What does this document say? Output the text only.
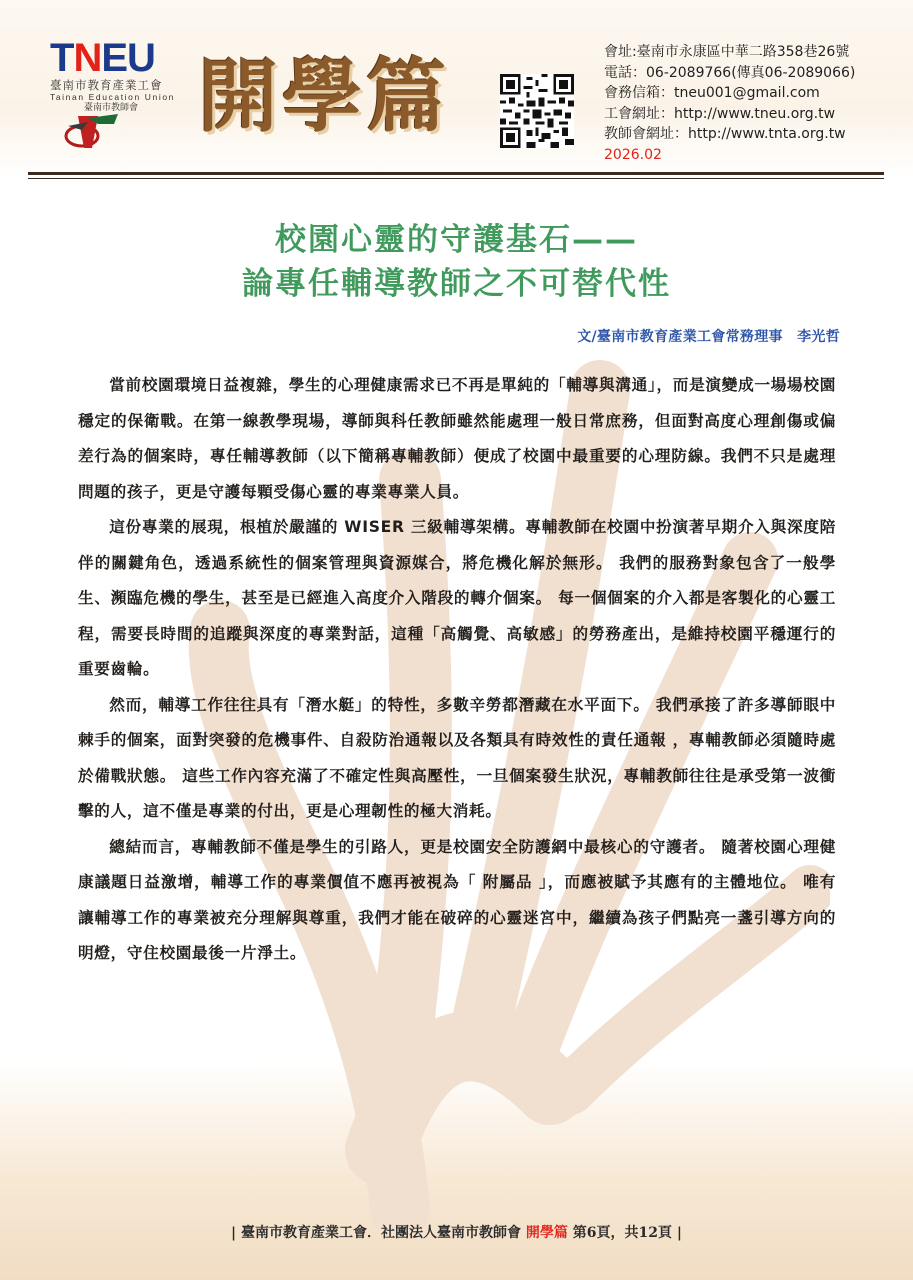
TNEU
臺南市教育產業工會
Tainan Education Union
臺南市教師會 開學篇	會址:臺南市永康區中華二路358巷26號
電話：06-2089766(傳真06-2089066)
會務信箱：tneu001@gmail.com
工會網址：http://www.tneu.org.tw
教師會網址：http://www.tnta.org.tw
2026.02
校園心靈的守護基石——
論專任輔導教師之不可替代性
文/臺南市教育產業工會常務理事　李光哲

當前校園環境日益複雜，學生的心理健康需求已不再是單純的「輔導與溝通」，而是演變成一場場校園穩定的保衛戰。在第一線教學現場，導師與科任教師雖然能處理一般日常庶務，但面對高度心理創傷或偏差行為的個案時，專任輔導教師（以下簡稱專輔教師）便成了校園中最重要的心理防線。我們不只是處理問題的孩子，更是守護每顆受傷心靈的專業專業人員。

這份專業的展現，根植於嚴謹的 WISER 三級輔導架構。專輔教師在校園中扮演著早期介入與深度陪伴的關鍵角色，透過系統性的個案管理與資源媒合，將危機化解於無形。 我們的服務對象包含了一般學生、瀕臨危機的學生，甚至是已經進入高度介入階段的轉介個案。 每一個個案的介入都是客製化的心靈工程，需要長時間的追蹤與深度的專業對話，這種「高觸覺、高敏感」的勞務產出，是維持校園平穩運行的重要齒輪。

然而，輔導工作往往具有「潛水艇」的特性，多數辛勞都潛藏在水平面下。 我們承接了許多導師眼中棘手的個案，面對突發的危機事件、自殺防治通報以及各類具有時效性的責任通報 ，專輔教師必須隨時處於備戰狀態。 這些工作內容充滿了不確定性與高壓性，一旦個案發生狀況，專輔教師往往是承受第一波衝擊的人，這不僅是專業的付出，更是心理韌性的極大消耗。

總結而言，專輔教師不僅是學生的引路人，更是校園安全防護網中最核心的守護者。 隨著校園心理健康議題日益激增，輔導工作的專業價值不應再被視為「 附屬品 」，而應被賦予其應有的主體地位。 唯有讓輔導工作的專業被充分理解與尊重，我們才能在破碎的心靈迷宮中，繼續為孩子們點亮一盞引導方向的明燈，守住校園最後一片淨土。

| 臺南市教育產業工會．社團法人臺南市教師會 開學篇 第6頁，共12頁 |
